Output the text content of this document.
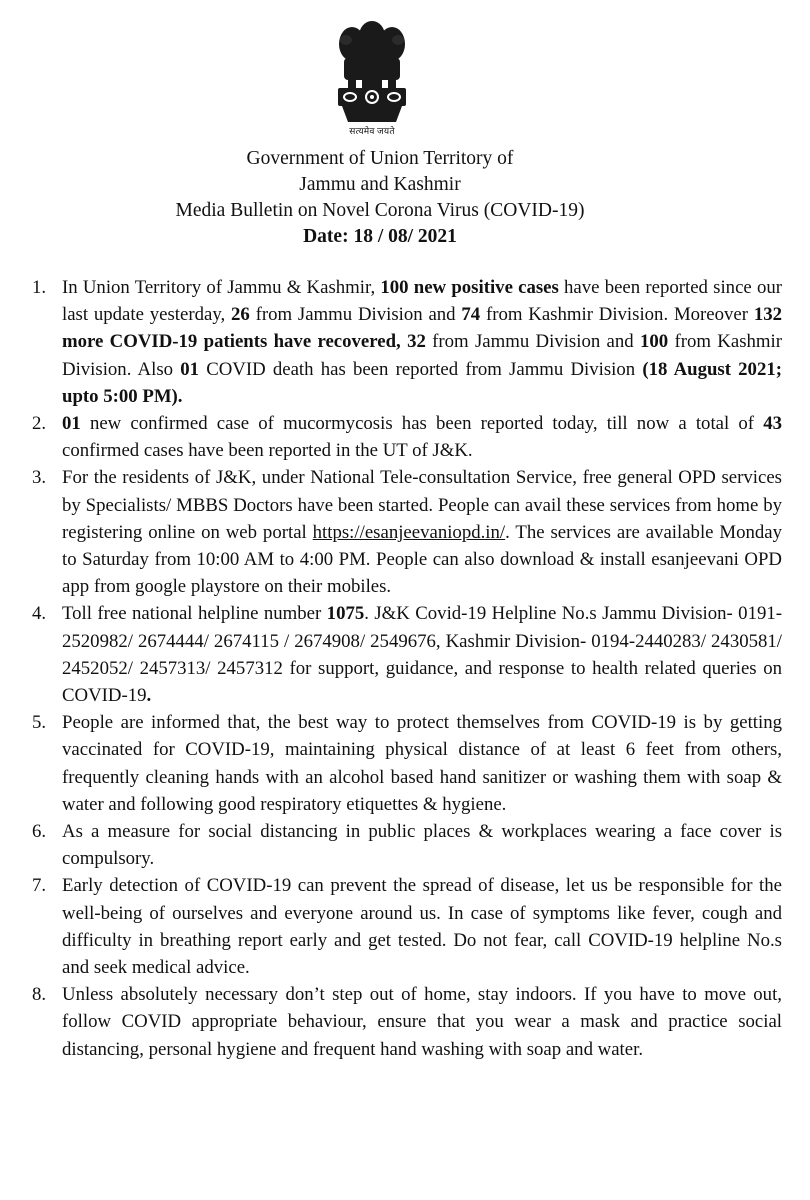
सत्यमेव जयते
Government of Union Territory of
Jammu and Kashmir
Media Bulletin on Novel Corona Virus (COVID-19)
Date: 18 / 08/ 2021
1. In Union Territory of Jammu & Kashmir, 100 new positive cases have been reported since our last update yesterday, 26 from Jammu Division and 74 from Kashmir Division. Moreover 132 more COVID-19 patients have recovered, 32 from Jammu Division and 100 from Kashmir Division. Also 01 COVID death has been reported from Jammu Division (18 August 2021; upto 5:00 PM).
2. 01 new confirmed case of mucormycosis has been reported today, till now a total of 43 confirmed cases have been reported in the UT of J&K.
3. For the residents of J&K, under National Tele-consultation Service, free general OPD services by Specialists/ MBBS Doctors have been started. People can avail these services from home by registering online on web portal https://esanjeevaniopd.in/. The services are available Monday to Saturday from 10:00 AM to 4:00 PM. People can also download & install esanjeevani OPD app from google playstore on their mobiles.
4. Toll free national helpline number 1075. J&K Covid-19 Helpline No.s Jammu Division- 0191-2520982/ 2674444/ 2674115 / 2674908/ 2549676, Kashmir Division- 0194-2440283/ 2430581/ 2452052/ 2457313/ 2457312 for support, guidance, and response to health related queries on COVID-19.
5. People are informed that, the best way to protect themselves from COVID-19 is by getting vaccinated for COVID-19, maintaining physical distance of at least 6 feet from others, frequently cleaning hands with an alcohol based hand sanitizer or washing them with soap & water and following good respiratory etiquettes & hygiene.
6. As a measure for social distancing in public places & workplaces wearing a face cover is compulsory.
7. Early detection of COVID-19 can prevent the spread of disease, let us be responsible for the well-being of ourselves and everyone around us. In case of symptoms like fever, cough and difficulty in breathing report early and get tested. Do not fear, call COVID-19 helpline No.s and seek medical advice.
8. Unless absolutely necessary don’t step out of home, stay indoors. If you have to move out, follow COVID appropriate behaviour, ensure that you wear a mask and practice social distancing, personal hygiene and frequent hand washing with soap and water.
